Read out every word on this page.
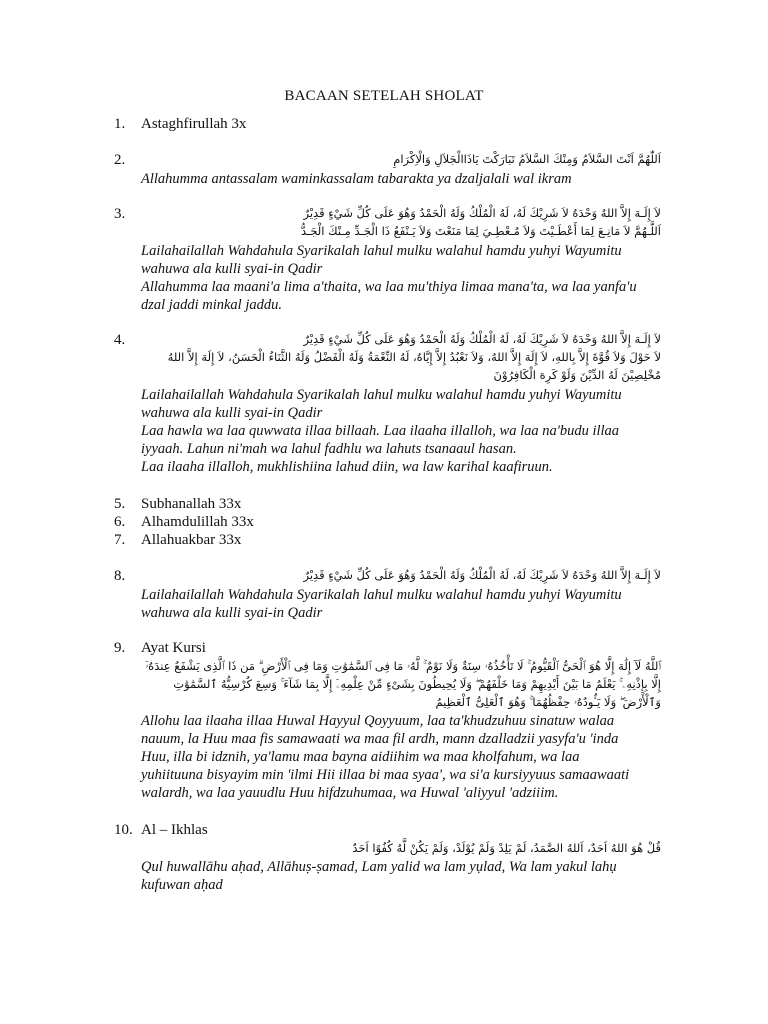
BACAAN SETELAH SHOLAT
1. Astaghfirullah 3x
2.	اَللّٰهُمَّ اَنْتَ السَّلاَمُ وَمِنْكَ السَّلاَمُ تَبَارَكْتَ يَاذَاالْجَلاَلِ وَالْاِكْرَامِ
Allahumma antassalam waminkassalam tabarakta ya dzaljalali wal ikram
3.	لاَ إِلَـهَ إِلاَّ اللهُ وَحْدَهُ لاَ شَرِيْكَ لَهُ، لَهُ الْمُلْكُ وَلَهُ الْحَمْدُ وَهُوَ عَلَى كُلِّ شَيْءٍ قَدِيْرٌ
اَللَّـهُمَّ لاَ مَانِـعَ لِمَا أَعْطَـيْتَ وَلاَ مُـعْطِـيَ لِمَا مَنَعْتَ وَلاَ يَـنْفَعُ ذَا الْجَـدِّ مِـنْكَ الْجَـدُّ
Lailahailallah Wahdahula Syarikalah lahul mulku walahul hamdu yuhyi Wayumitu
wahuwa ala kulli syai-in Qadir
Allahumma laa maani'a lima a'thaita, wa laa mu'thiya limaa mana'ta, wa laa yanfa'u
dzal jaddi minkal jaddu.
4.	لاَ إِلَـهَ إِلاَّ اللهُ وَحْدَهُ لاَ شَرِيْكَ لَهُ، لَهُ الْمُلْكُ وَلَهُ الْحَمْدُ وَهُوَ عَلَى كُلِّ شَيْءٍ قَدِيْرٌ
لاَ حَوْلَ وَلاَ قُوَّةَ إِلاَّ بِاللهِ، لاَ إِلَهَ إِلاَّ اللهُ، وَلاَ نَعْبُدُ إِلاَّ إِيَّاهُ، لَهُ النِّعْمَةُ وَلَهُ الْفَضْلُ وَلَهُ الثَّنَاءُ الْحَسَنُ، لاَ إِلَهَ إِلاَّ اللهُ
مُخْلِصِيْنَ لَهُ الدِّيْنَ وَلَوْ كَرِهَ الْكَافِرُوْنَ
Lailahailallah Wahdahula Syarikalah lahul mulku walahul hamdu yuhyi Wayumitu
wahuwa ala kulli syai-in Qadir
Laa hawla wa laa quwwata illaa billaah. Laa ilaaha illalloh, wa laa na'budu illaa
iyyaah. Lahun ni'mah wa lahul fadhlu wa lahuts tsanaaul hasan.
Laa ilaaha illalloh, mukhlishiina lahud diin, wa law karihal kaafiruun.
5. Subhanallah 33x
6. Alhamdulillah 33x
7. Allahuakbar 33x
8.	لاَ إِلَـهَ إِلاَّ اللهُ وَحْدَهُ لاَ شَرِيْكَ لَهُ، لَهُ الْمُلْكُ وَلَهُ الْحَمْدُ وَهُوَ عَلَى كُلِّ شَيْءٍ قَدِيْرٌ
Lailahailallah Wahdahula Syarikalah lahul mulku walahul hamdu yuhyi Wayumitu
wahuwa ala kulli syai-in Qadir
9. Ayat Kursi
ٱللَّهُ لَآ إِلَٰهَ إِلَّا هُوَ ٱلْحَىُّ ٱلْقَيُّومُ ۚ لَا تَأْخُذُهُۥ سِنَةٌ وَلَا نَوْمٌ ۚ لَّهُۥ مَا فِى ٱلسَّمَٰوَٰتِ وَمَا فِى ٱلْأَرْضِ ۗ مَن ذَا ٱلَّذِى يَشْفَعُ عِندَهُۥٓ
إِلَّا بِإِذْنِهِۦ ۚ يَعْلَمُ مَا بَيْنَ أَيْدِيهِمْ وَمَا خَلْفَهُمْ ۖ وَلَا يُحِيطُونَ بِشَىْءٍ مِّنْ عِلْمِهِۦٓ إِلَّا بِمَا شَآءَ ۚ وَسِعَ كُرْسِيُّهُ ٱلسَّمَٰوَٰتِ
وَٱلْأَرْضَ ۖ وَلَا يَـُٔودُهُۥ حِفْظُهُمَا ۚ وَهُوَ ٱلْعَلِىُّ ٱلْعَظِيمُ
Allohu laa ilaaha illaa Huwal Hayyul Qoyyuum, laa ta'khudzuhuu sinatuw walaa
nauum, la Huu maa fis samawaati wa maa fil ardh, mann dzalladzii yasyfa'u 'inda
Huu, illa bi idznih, ya'lamu maa bayna aidiihim wa maa kholfahum, wa laa
yuhiituuna bisyayim min 'ilmi Hii illaa bi maa syaa', wa si'a kursiyyuus samaawaati
walardh, wa laa yauudlu Huu hifdzuhumaa, wa Huwal 'aliyyul 'adziiim.
10. Al – Ikhlas
قُلْ هُوَ اللهُ اَحَدٌ، اَللهُ الصَّمَدُ، لَمْ يَلِدْ وَلَمْ يُوْلَدْ، وَلَمْ يَكُنْ لَّهُ كُفُوًا اَحَدٌ
Qul huwallāhu aḥad, Allāhuṣ-ṣamad, Lam yalid wa lam yụlad, Wa lam yakul lahụ
kufuwan aḥad
